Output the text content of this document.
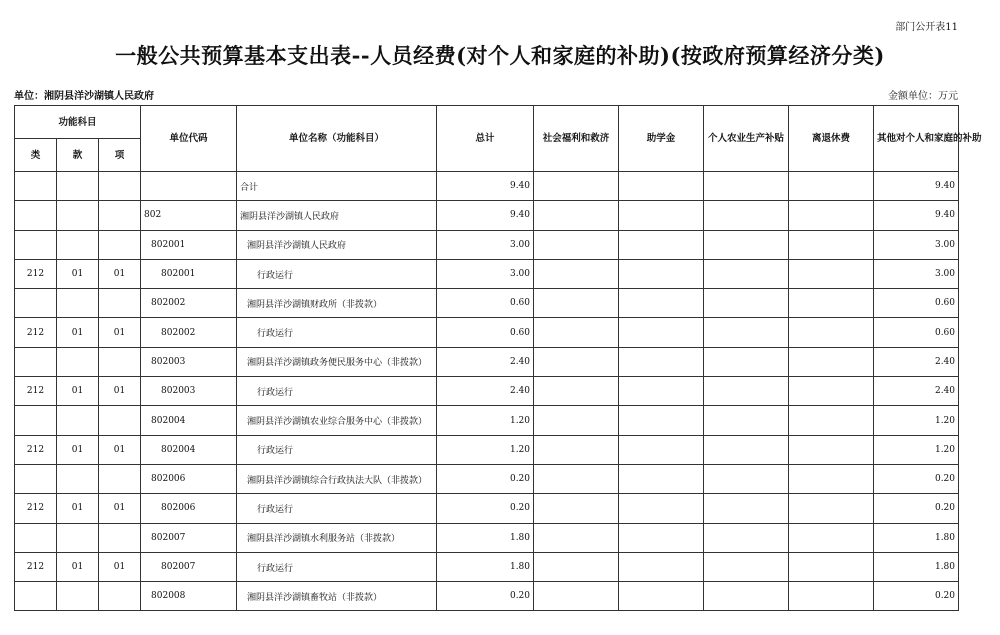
部门公开表11
一般公共预算基本支出表--人员经费(对个人和家庭的补助)(按政府预算经济分类)
单位：湘阴县洋沙湖镇人民政府	金额单位：万元
功能科目			单位代码	单位名称（功能科目）	总计	社会福利和救济	助学金	个人农业生产补贴	离退休费	其他对个人和家庭的补助
类	款	项								
				合计	9.40					9.40
			802	湘阴县洋沙湖镇人民政府	9.40					9.40
			802001	湘阴县洋沙湖镇人民政府	3.00					3.00
212	01	01	802001	行政运行	3.00					3.00
			802002	湘阴县洋沙湖镇财政所（非拨款）	0.60					0.60
212	01	01	802002	行政运行	0.60					0.60
			802003	湘阴县洋沙湖镇政务便民服务中心（非拨款）	2.40					2.40
212	01	01	802003	行政运行	2.40					2.40
			802004	湘阴县洋沙湖镇农业综合服务中心（非拨款）	1.20					1.20
212	01	01	802004	行政运行	1.20					1.20
			802006	湘阴县洋沙湖镇综合行政执法大队（非拨款）	0.20					0.20
212	01	01	802006	行政运行	0.20					0.20
			802007	湘阴县洋沙湖镇水利服务站（非拨款）	1.80					1.80
212	01	01	802007	行政运行	1.80					1.80
			802008	湘阴县洋沙湖镇畜牧站（非拨款）	0.20					0.20
